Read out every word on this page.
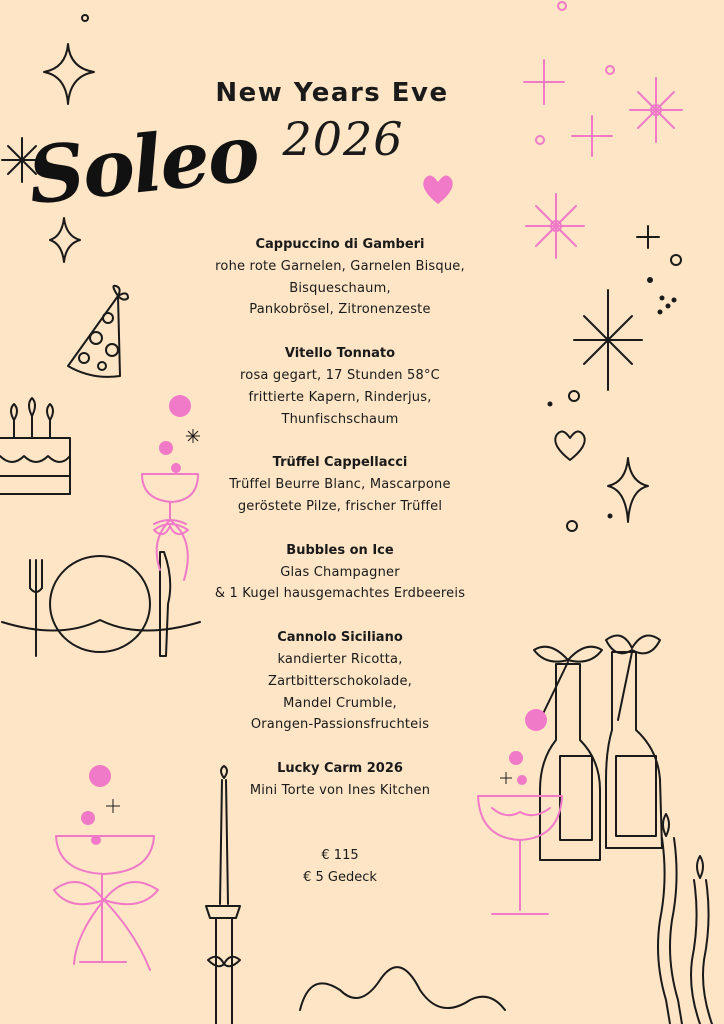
New Years Eve
2026
Soleo
Cappuccino di Gamberi
rohe rote Garnelen, Garnelen Bisque,
Bisqueschaum,
Pankobrösel, Zitronenzeste
Vitello Tonnato
rosa gegart, 17 Stunden 58°C
frittierte Kapern, Rinderjus,
Thunfischschaum
Trüffel Cappellacci
Trüffel Beurre Blanc, Mascarpone
geröstete Pilze, frischer Trüffel
Bubbles on Ice
Glas Champagner
& 1 Kugel hausgemachtes Erdbeereis
Cannolo Siciliano
kandierter Ricotta,
Zartbitterschokolade,
Mandel Crumble,
Orangen-Passionsfruchteis
Lucky Carm 2026
Mini Torte von Ines Kitchen
€ 115
€ 5 Gedeck
